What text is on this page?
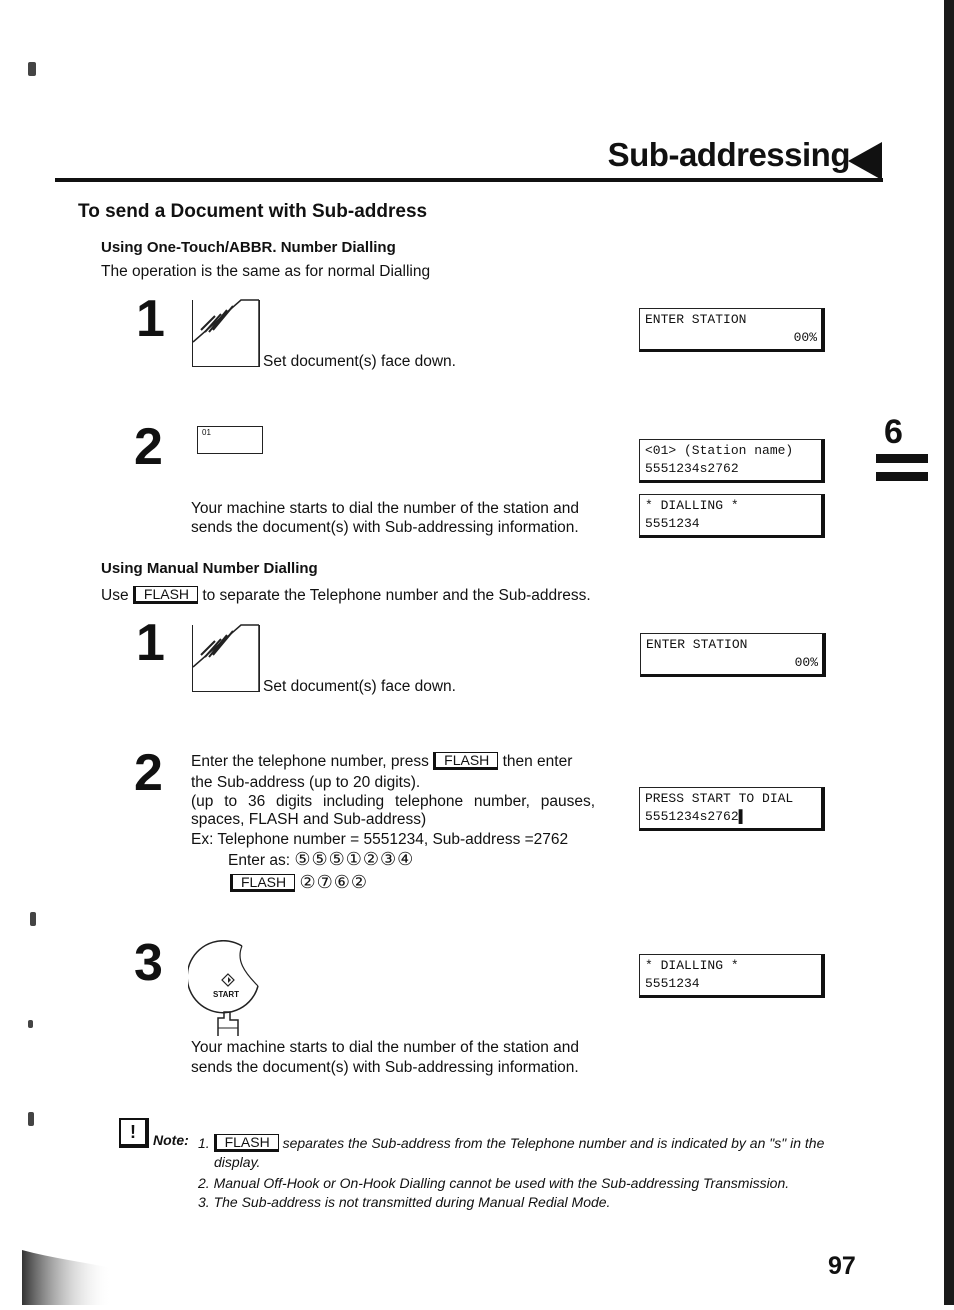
Sub-addressing
6
To send a Document with Sub-address
Using One-Touch/ABBR. Number Dialling
The operation is the same as for normal Dialling
1
Set document(s) face down.
2	01
Your machine starts to dial the number of the station and
sends the document(s) with Sub-addressing information.
ENTER STATION
00%
<01> (Station name)
5551234s2762
* DIALLING *
5551234
Using Manual Number Dialling
Use FLASH to separate the Telephone number and the Sub-address.
1
Set document(s) face down.
2 Enter the telephone number, press FLASH then enter
the Sub-address (up to 20 digits).
(up to 36 digits including telephone number, pauses,
spaces, FLASH and Sub-address)
Ex: Telephone number = 5551234, Sub-address =2762
Enter as: ⑤⑤⑤①②③④
FLASH ②⑦⑥②
3
START
Your machine starts to dial the number of the station and
sends the document(s) with Sub-addressing information.
ENTER STATION
00%
PRESS START TO DIAL
5551234s2762▌
* DIALLING *
5551234
!	Note: 1. FLASH separates the Sub-address from the Telephone number and is indicated by an "s" in the
display.
2. Manual Off-Hook or On-Hook Dialling cannot be used with the Sub-addressing Transmission.
3. The Sub-address is not transmitted during Manual Redial Mode.
97
